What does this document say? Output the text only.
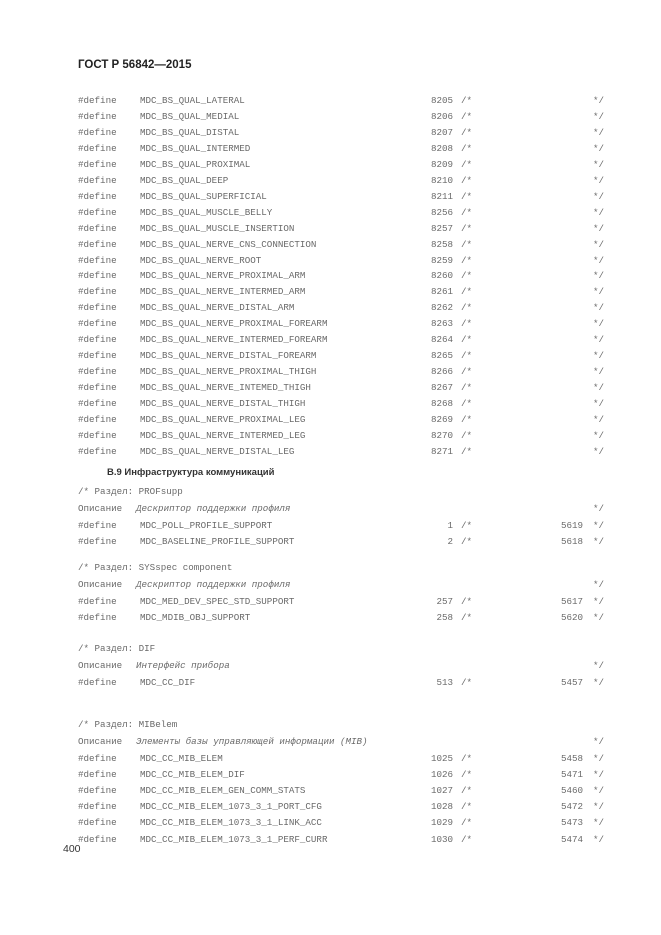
ГОСТ Р 56842—2015
#define	MDC_BS_QUAL_LATERAL	8205 /*	*/
#define	MDC_BS_QUAL_MEDIAL	8206 /*	*/
#define	MDC_BS_QUAL_DISTAL	8207 /*	*/
#define	MDC_BS_QUAL_INTERMED	8208 /*	*/
#define	MDC_BS_QUAL_PROXIMAL	8209 /*	*/
#define	MDC_BS_QUAL_DEEP	8210 /*	*/
#define	MDC_BS_QUAL_SUPERFICIAL	8211 /*	*/
#define	MDC_BS_QUAL_MUSCLE_BELLY	8256 /*	*/
#define	MDC_BS_QUAL_MUSCLE_INSERTION	8257 /*	*/
#define	MDC_BS_QUAL_NERVE_CNS_CONNECTION	8258 /*	*/
#define	MDC_BS_QUAL_NERVE_ROOT	8259 /*	*/
#define	MDC_BS_QUAL_NERVE_PROXIMAL_ARM	8260 /*	*/
#define	MDC_BS_QUAL_NERVE_INTERMED_ARM	8261 /*	*/
#define	MDC_BS_QUAL_NERVE_DISTAL_ARM	8262 /*	*/
#define	MDC_BS_QUAL_NERVE_PROXIMAL_FOREARM	8263 /*	*/
#define	MDC_BS_QUAL_NERVE_INTERMED_FOREARM	8264 /*	*/
#define	MDC_BS_QUAL_NERVE_DISTAL_FOREARM	8265 /*	*/
#define	MDC_BS_QUAL_NERVE_PROXIMAL_THIGH	8266 /*	*/
#define	MDC_BS_QUAL_NERVE_INTEMED_THIGH	8267 /*	*/
#define	MDC_BS_QUAL_NERVE_DISTAL_THIGH	8268 /*	*/
#define	MDC_BS_QUAL_NERVE_PROXIMAL_LEG	8269 /*	*/
#define	MDC_BS_QUAL_NERVE_INTERMED_LEG	8270 /*	*/
#define	MDC_BS_QUAL_NERVE_DISTAL_LEG	8271 /*	*/
B.9 Инфраструктура коммуникаций
/* Раздел: PROFsupp
Описание Дескриптор поддержки профиля	*/
#define	MDC_POLL_PROFILE_SUPPORT	1 /*	5619 */
#define	MDC_BASELINE_PROFILE_SUPPORT	2 /*	5618 */
/* Раздел: SYSspec component
Описание Дескриптор поддержки профиля	*/
#define	MDC_MED_DEV_SPEC_STD_SUPPORT	257 /*	5617 */
#define	MDC_MDIB_OBJ_SUPPORT	258 /*	5620 */
/* Раздел: DIF
Описание Интерфейс прибора	*/
#define	MDC_CC_DIF	513 /*	5457 */
/* Раздел: MIBelem
Описание Элементы базы управляющей информации (MIB)	*/
#define	MDC_CC_MIB_ELEM	1025 /*	5458 */
#define	MDC_CC_MIB_ELEM_DIF	1026 /*	5471 */
#define	MDC_CC_MIB_ELEM_GEN_COMM_STATS	1027 /*	5460 */
#define	MDC_CC_MIB_ELEM_1073_3_1_PORT_CFG	1028 /*	5472 */
#define	MDC_CC_MIB_ELEM_1073_3_1_LINK_ACC	1029 /*	5473 */
#define	MDC_CC_MIB_ELEM_1073_3_1_PERF_CURR	1030 /*	5474 */
400
